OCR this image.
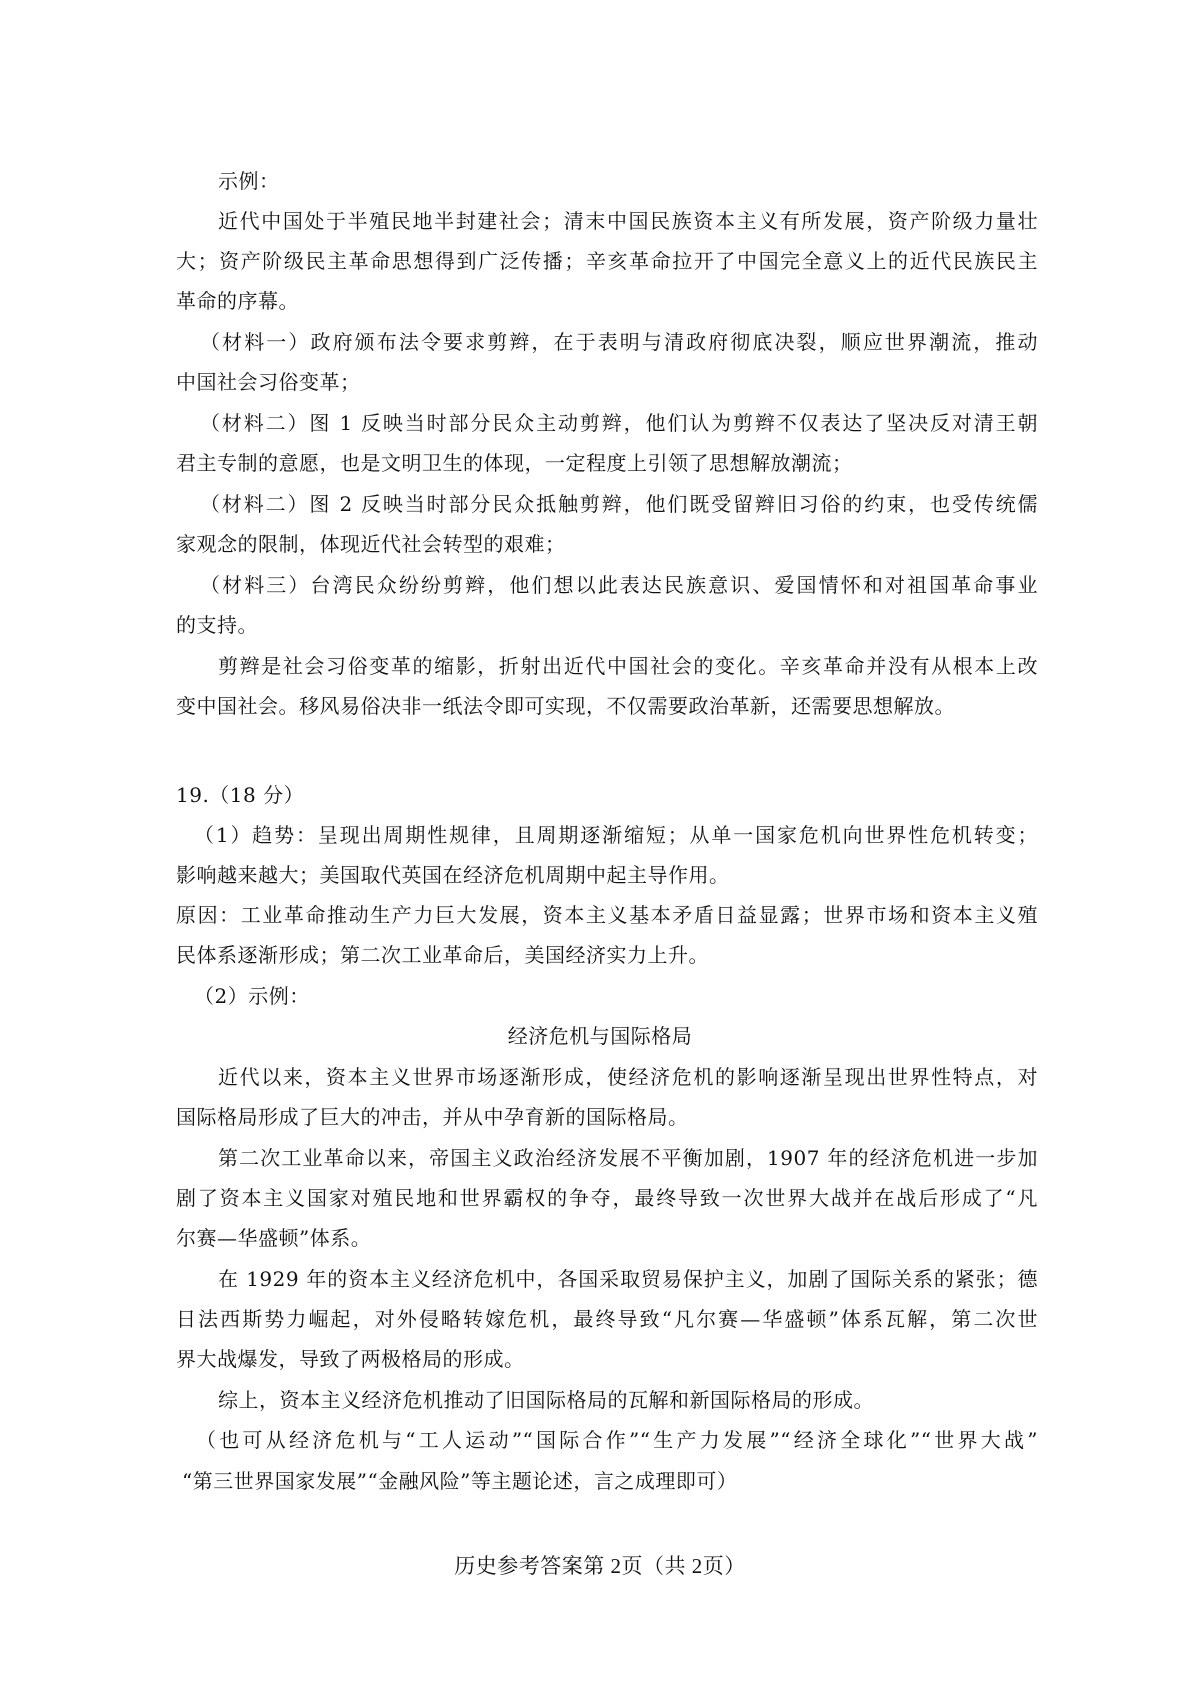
示例：
近代中国处于半殖民地半封建社会；清末中国民族资本主义有所发展，资产阶级力量壮
大；资产阶级民主革命思想得到广泛传播；辛亥革命拉开了中国完全意义上的近代民族民主
革命的序幕。
（材料一）政府颁布法令要求剪辫，在于表明与清政府彻底决裂，顺应世界潮流，推动
中国社会习俗变革；
（材料二）图 1 反映当时部分民众主动剪辫，他们认为剪辫不仅表达了坚决反对清王朝
君主专制的意愿，也是文明卫生的体现，一定程度上引领了思想解放潮流；
（材料二）图 2 反映当时部分民众抵触剪辫，他们既受留辫旧习俗的约束，也受传统儒
家观念的限制，体现近代社会转型的艰难；
（材料三）台湾民众纷纷剪辫，他们想以此表达民族意识、爱国情怀和对祖国革命事业
的支持。
剪辫是社会习俗变革的缩影，折射出近代中国社会的变化。辛亥革命并没有从根本上改
变中国社会。移风易俗决非一纸法令即可实现，不仅需要政治革新，还需要思想解放。
19.（18 分）
（1）趋势：呈现出周期性规律，且周期逐渐缩短；从单一国家危机向世界性危机转变；
影响越来越大；美国取代英国在经济危机周期中起主导作用。
原因：工业革命推动生产力巨大发展，资本主义基本矛盾日益显露；世界市场和资本主义殖
民体系逐渐形成；第二次工业革命后，美国经济实力上升。
（2）示例：
经济危机与国际格局
近代以来，资本主义世界市场逐渐形成，使经济危机的影响逐渐呈现出世界性特点，对
国际格局形成了巨大的冲击，并从中孕育新的国际格局。
第二次工业革命以来，帝国主义政治经济发展不平衡加剧，1907 年的经济危机进一步加
剧了资本主义国家对殖民地和世界霸权的争夺，最终导致一次世界大战并在战后形成了“凡
尔赛—华盛顿”体系。
在 1929 年的资本主义经济危机中，各国采取贸易保护主义，加剧了国际关系的紧张；德
日法西斯势力崛起，对外侵略转嫁危机，最终导致“凡尔赛—华盛顿”体系瓦解，第二次世
界大战爆发，导致了两极格局的形成。
综上，资本主义经济危机推动了旧国际格局的瓦解和新国际格局的形成。
（也可从经济危机与“工人运动”“国际合作”“生产力发展”“经济全球化”“世界大战”
“第三世界国家发展”“金融风险”等主题论述，言之成理即可）
历史参考答案第 2页（共 2页）
